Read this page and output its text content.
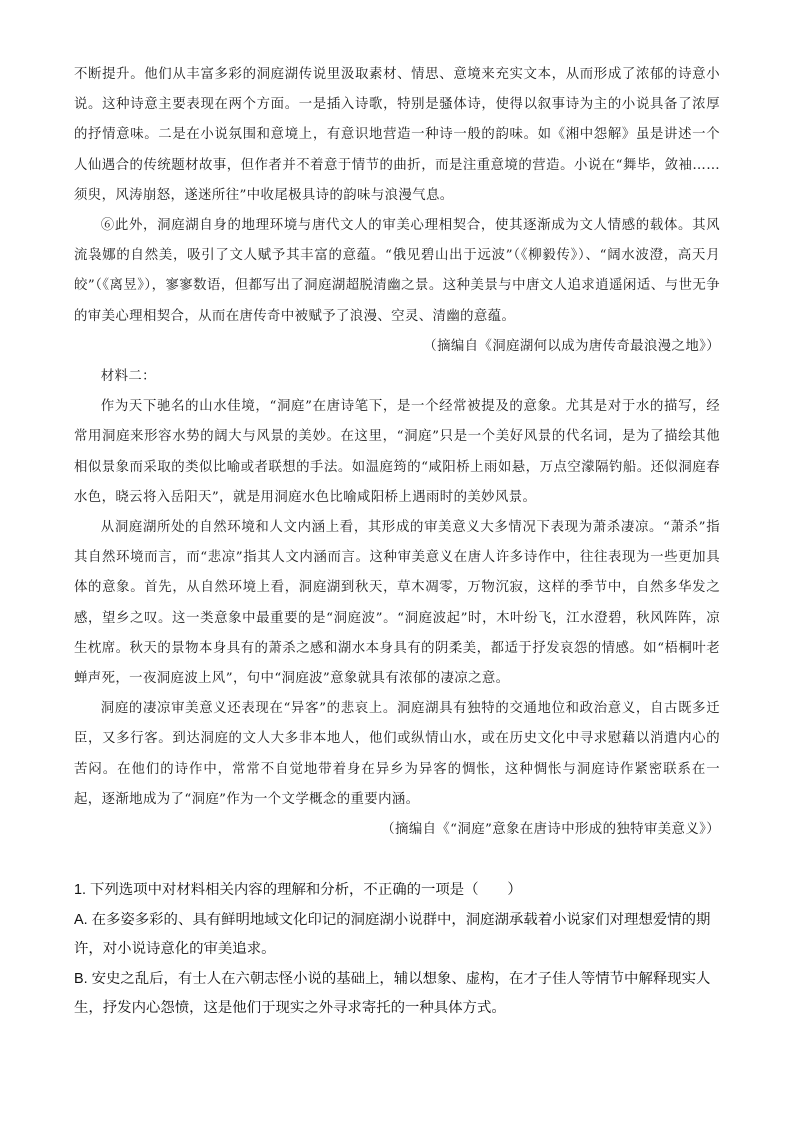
不断提升。他们从丰富多彩的洞庭湖传说里汲取素材、情思、意境来充实文本，从而形成了浓郁的诗意小说。这种诗意主要表现在两个方面。一是插入诗歌，特别是骚体诗，使得以叙事诗为主的小说具备了浓厚的抒情意味。二是在小说氛围和意境上，有意识地营造一种诗一般的韵味。如《湘中怨解》虽是讲述一个人仙遇合的传统题材故事，但作者并不着意于情节的曲折，而是注重意境的营造。小说在“舞毕，敛袖……须臾，风涛崩怒，遂迷所往”中收尾极具诗的韵味与浪漫气息。

⑥此外，洞庭湖自身的地理环境与唐代文人的审美心理相契合，使其逐渐成为文人情感的载体。其风流袅娜的自然美，吸引了文人赋予其丰富的意蕴。“俄见碧山出于远波”（《柳毅传》）、“阔水波澄，高天月皎”（《离昱》），寥寥数语，但都写出了洞庭湖超脱清幽之景。这种美景与中唐文人追求逍遥闲适、与世无争的审美心理相契合，从而在唐传奇中被赋予了浪漫、空灵、清幽的意蕴。

（摘编自《洞庭湖何以成为唐传奇最浪漫之地》）

材料二：

作为天下驰名的山水佳境，“洞庭”在唐诗笔下，是一个经常被提及的意象。尤其是对于水的描写，经常用洞庭来形容水势的阔大与风景的美妙。在这里，“洞庭”只是一个美好风景的代名词，是为了描绘其他相似景象而采取的类似比喻或者联想的手法。如温庭筠的“咸阳桥上雨如悬，万点空濛隔钓船。还似洞庭春水色，晓云将入岳阳天”，就是用洞庭水色比喻咸阳桥上遇雨时的美妙风景。

从洞庭湖所处的自然环境和人文内涵上看，其形成的审美意义大多情况下表现为萧杀凄凉。“萧杀”指其自然环境而言，而“悲凉”指其人文内涵而言。这种审美意义在唐人许多诗作中，往往表现为一些更加具体的意象。首先，从自然环境上看，洞庭湖到秋天，草木凋零，万物沉寂，这样的季节中，自然多华发之感，望乡之叹。这一类意象中最重要的是“洞庭波”。“洞庭波起”时，木叶纷飞，江水澄碧，秋风阵阵，凉生枕席。秋天的景物本身具有的萧杀之感和湖水本身具有的阴柔美，都适于抒发哀怨的情感。如“梧桐叶老蝉声死，一夜洞庭波上风”，句中“洞庭波”意象就具有浓郁的凄凉之意。

洞庭的凄凉审美意义还表现在“异客”的悲哀上。洞庭湖具有独特的交通地位和政治意义，自古既多迁臣，又多行客。到达洞庭的文人大多非本地人，他们或纵情山水，或在历史文化中寻求慰藉以消遣内心的苦闷。在他们的诗作中，常常不自觉地带着身在异乡为异客的惆怅，这种惆怅与洞庭诗作紧密联系在一起，逐渐地成为了“洞庭”作为一个文学概念的重要内涵。

（摘编自《“洞庭”意象在唐诗中形成的独特审美意义》）

1. 下列选项中对材料相关内容的理解和分析，不正确的一项是（　　）

A. 在多姿多彩的、具有鲜明地域文化印记的洞庭湖小说群中，洞庭湖承载着小说家们对理想爱情的期许，对小说诗意化的审美追求。

B. 安史之乱后，有士人在六朝志怪小说的基础上，辅以想象、虚构，在才子佳人等情节中解释现实人生，抒发内心怨愤，这是他们于现实之外寻求寄托的一种具体方式。
